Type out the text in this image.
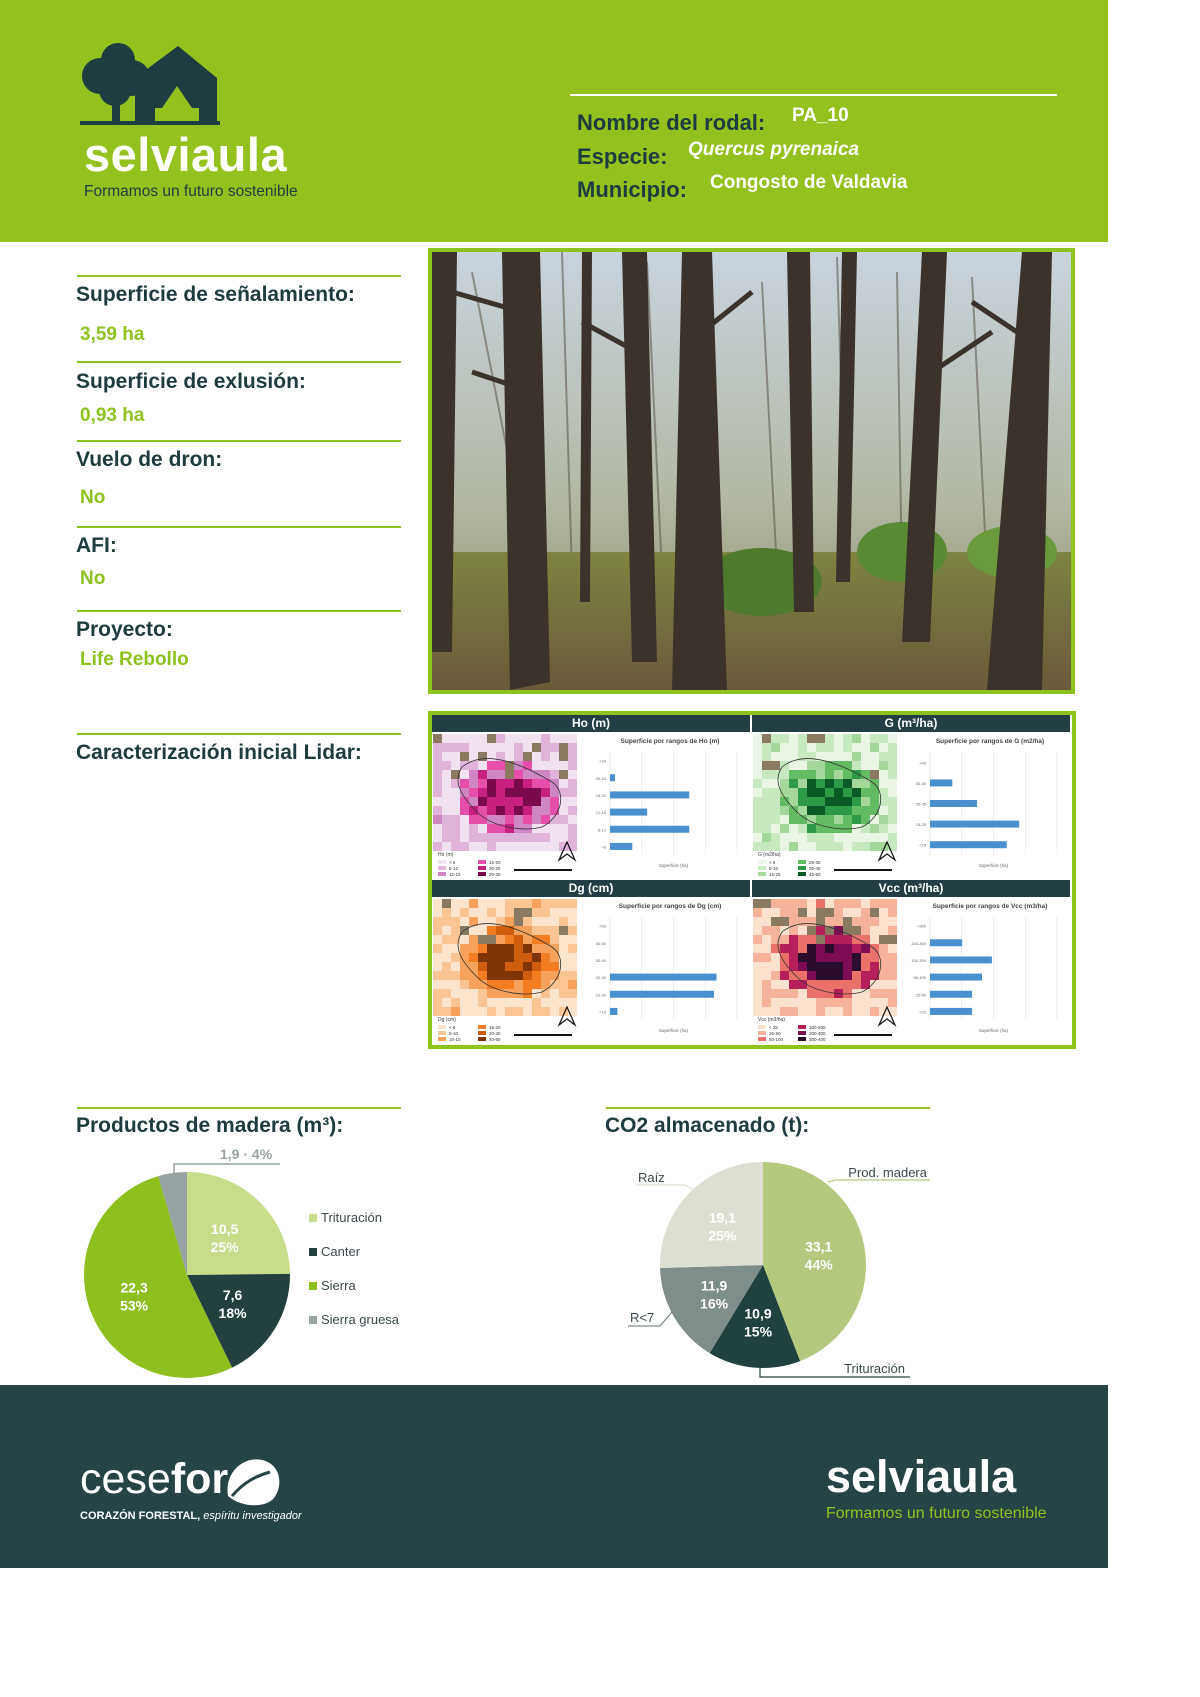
selviaula
Formamos un futuro sostenible
Nombre del rodal: PA_10
Especie: Quercus pyrenaica
Municipio: Congosto de Valdavia
Superficie de señalamiento:
3,59 ha
Superficie de exlusión:
0,93 ha
Vuelo de dron:
No
AFI:
No
Proyecto:
Life Rebollo
Caracterización inicial Lidar:
Ho (m)
Ho (m)
< 6
6-12
12-15
15-20
20-25
25-30
Superficie por rangos de Ho (m)
<6
6-12
12-15
15-20
20-24
>24
Superficie (ha)
G (m³/ha)
G (m2/ha)
< 5
5-15
15-25
25-35
35-45
45-60
Superficie por rangos de G (m2/ha)
<15
15-25
25-35
35-45
>45
Superficie (ha)
Dg (cm)
Dg (cm)
< 5
5-10
10-15
15-20
20-40
40-60
Superficie por rangos de Dg (cm)
<10
10-20
20-30
30-40
40-50
>50
Superficie (ha)
Vcc (m³/ha)
Vcc (m3/ha)
< 25
25-50
50-100
100-200
200-300
300-400
Superficie por rangos de Vcc (m3/ha)
<25
25-50
50-100
100-200
200-300
>300
Superficie (ha)
Productos de madera (m³):
10,5
25%
7,6
18%
22,3
53%
1,9 · 4%
Trituración
Canter
Sierra
Sierra gruesa
CO2 almacenado (t):
33,1
44%
10,9
15%
11,9
16%
19,1
25%
Prod. madera
Trituración
R<7
Raíz
cesefor
CORAZÓN FORESTAL, espíritu investigador
selviaula
Formamos un futuro sostenible
